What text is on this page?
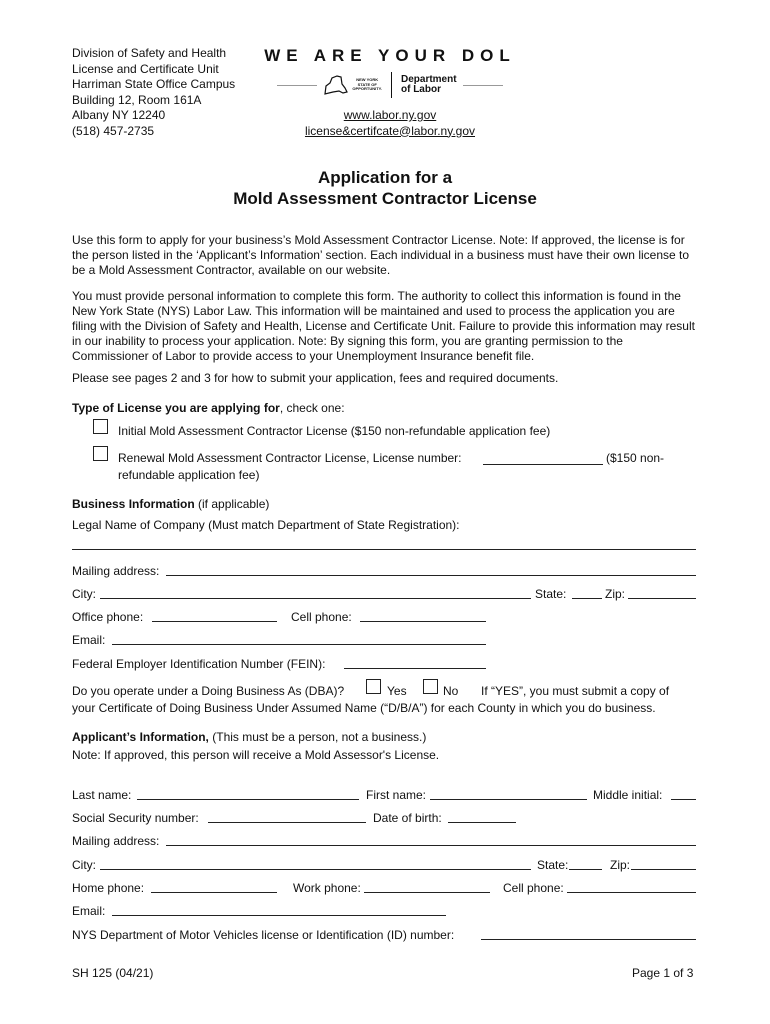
Division of Safety and Health
License and Certificate Unit
Harriman State Office Campus
Building 12, Room 161A
Albany NY 12240
(518) 457-2735
WE ARE YOUR DOL
NEW YORK
STATE OF
OPPORTUNITY.
Department
of Labor
www.labor.ny.gov
license&certifcate@labor.ny.gov
Application for a
Mold Assessment Contractor License
Use this form to apply for your business’s Mold Assessment Contractor License. Note: If approved, the license is for the person listed in the ‘Applicant’s Information’ section. Each individual in a business must have their own license to be a Mold Assessment Contractor, available on our website.
You must provide personal information to complete this form. The authority to collect this information is found in the New York State (NYS) Labor Law. This information will be maintained and used to process the application you are filing with the Division of Safety and Health, License and Certificate Unit. Failure to provide this information may result in our inability to process your application. Note: By signing this form, you are granting permission to the Commissioner of Labor to provide access to your Unemployment Insurance benefit file.
Please see pages 2 and 3 for how to submit your application, fees and required documents.
Type of License you are applying for, check one:
Initial Mold Assessment Contractor License ($150 non-refundable application fee)
Renewal Mold Assessment Contractor License, License number:	($150 non-
refundable application fee)
Business Information (if applicable)
Legal Name of Company (Must match Department of State Registration):
Mailing address:
City:	State:	Zip:
Office phone:	Cell phone:
Email:
Federal Employer Identification Number (FEIN):
Do you operate under a Doing Business As (DBA)?	Yes	No If “YES”, you must submit a copy of
your Certificate of Doing Business Under Assumed Name (“D/B/A”) for each County in which you do business.
Applicant’s Information, (This must be a person, not a business.)
Note: If approved, this person will receive a Mold Assessor's License.
Last name:	First name:	Middle initial:
Social Security number:	Date of birth:
Mailing address:
City:	State:	Zip:
Home phone:	Work phone:	Cell phone:
Email:
NYS Department of Motor Vehicles license or Identification (ID) number:
SH 125 (04/21)	Page 1 of 3
